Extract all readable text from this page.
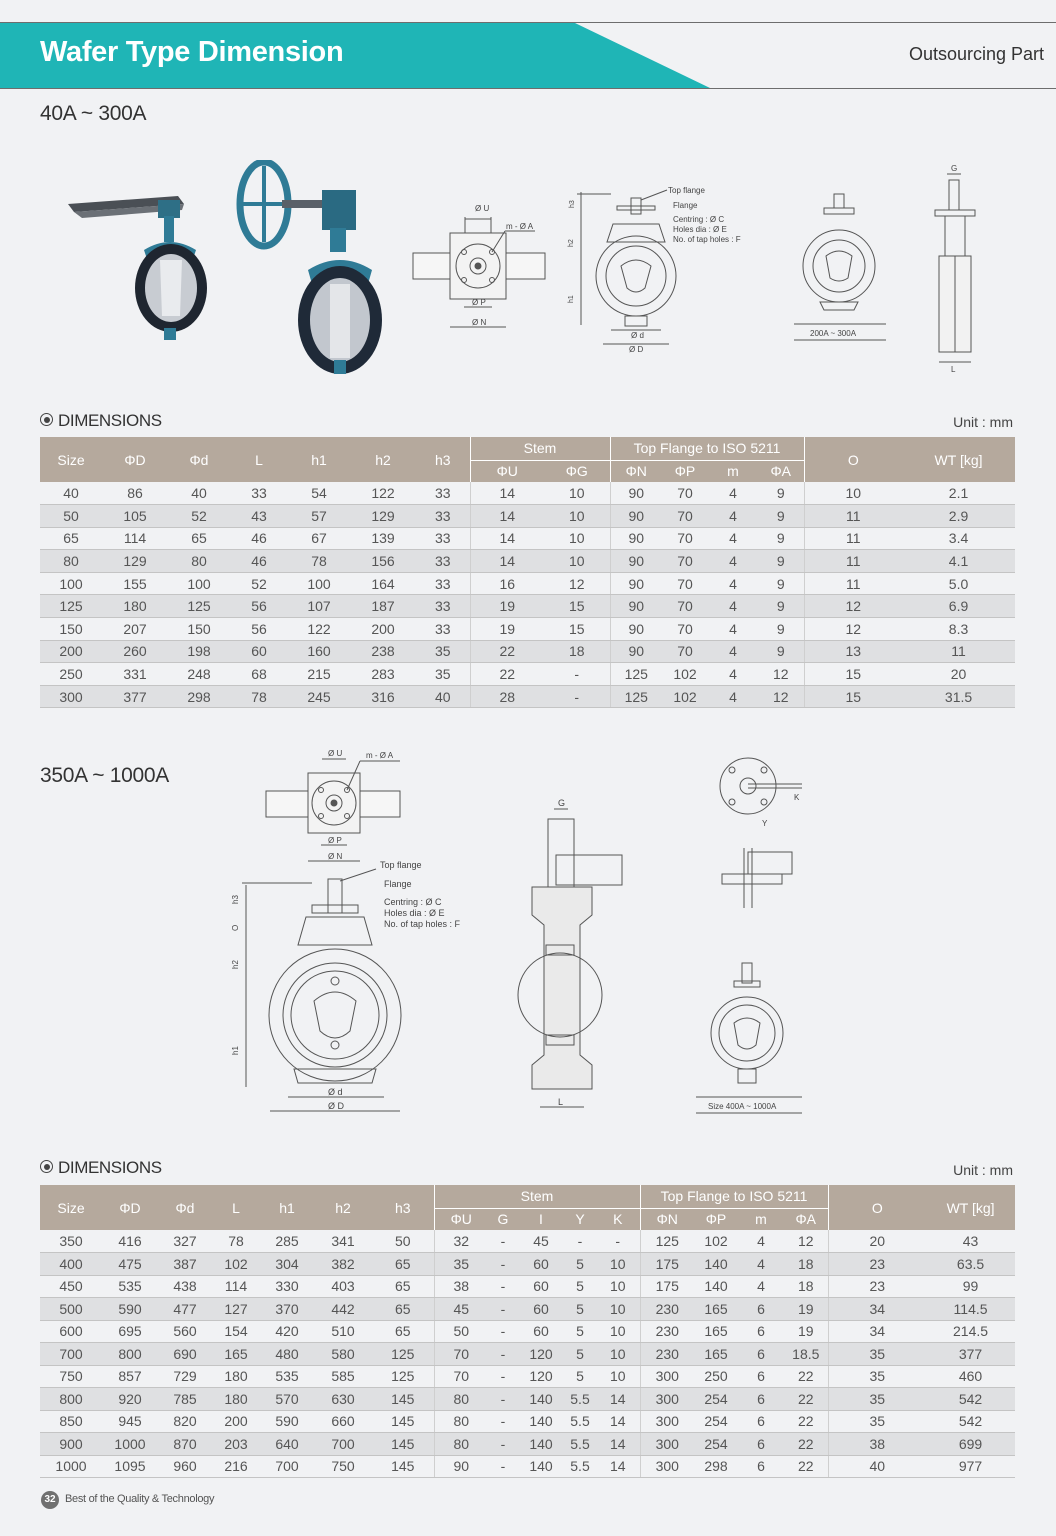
Wafer Type Dimension	Outsourcing Part
40A ~ 300A
Ø U
m - Ø A
Ø P
Ø N
h3
h2
h1
Top flange
Flange
Centring : Ø C
Holes dia : Ø E
No. of tap holes : F
Ø d
Ø D
200A ~ 300A
G
L
DIMENSIONS	Unit : mm
Size	ΦD	Φd	L	h1	h2	h3	Stem		Top Flange to ISO 5211				O	WT [kg]
							ΦU	ΦG	ΦN	ΦP	m	ΦA		
40	86	40	33	54	122	33	14	10	90	70	4	9	10	2.1
50	105	52	43	57	129	33	14	10	90	70	4	9	11	2.9
65	114	65	46	67	139	33	14	10	90	70	4	9	11	3.4
80	129	80	46	78	156	33	14	10	90	70	4	9	11	4.1
100	155	100	52	100	164	33	16	12	90	70	4	9	11	5.0
125	180	125	56	107	187	33	19	15	90	70	4	9	12	6.9
150	207	150	56	122	200	33	19	15	90	70	4	9	12	8.3
200	260	198	60	160	238	35	22	18	90	70	4	9	13	11
250	331	248	68	215	283	35	22	-	125	102	4	12	15	20
300	377	298	78	245	316	40	28	-	125	102	4	12	15	31.5
350A ~ 1000A
Ø U	m - Ø A
Ø P
Ø N
h3
O
h2
h1
Top flange
Flange
Centring : Ø C
Holes dia : Ø E
No. of tap holes : F
Ø d
Ø D
G
L
K
Y
Size 400A ~ 1000A
DIMENSIONS	Unit : mm
Size	ΦD	Φd	L	h1	h2	h3	Stem					Top Flange to ISO 5211				O	WT [kg]
							ΦU	G	I	Y	K	ΦN	ΦP	m	ΦA		
350	416	327	78	285	341	50	32	-	45	-	-	125	102	4	12	20	43
400	475	387	102	304	382	65	35	-	60	5	10	175	140	4	18	23	63.5
450	535	438	114	330	403	65	38	-	60	5	10	175	140	4	18	23	99
500	590	477	127	370	442	65	45	-	60	5	10	230	165	6	19	34	114.5
600	695	560	154	420	510	65	50	-	60	5	10	230	165	6	19	34	214.5
700	800	690	165	480	580	125	70	-	120	5	10	230	165	6	18.5	35	377
750	857	729	180	535	585	125	70	-	120	5	10	300	250	6	22	35	460
800	920	785	180	570	630	145	80	-	140	5.5	14	300	254	6	22	35	542
850	945	820	200	590	660	145	80	-	140	5.5	14	300	254	6	22	35	542
900	1000	870	203	640	700	145	80	-	140	5.5	14	300	254	6	22	38	699
1000	1095	960	216	700	750	145	90	-	140	5.5	14	300	298	6	22	40	977
32 Best of the Quality & Technology
